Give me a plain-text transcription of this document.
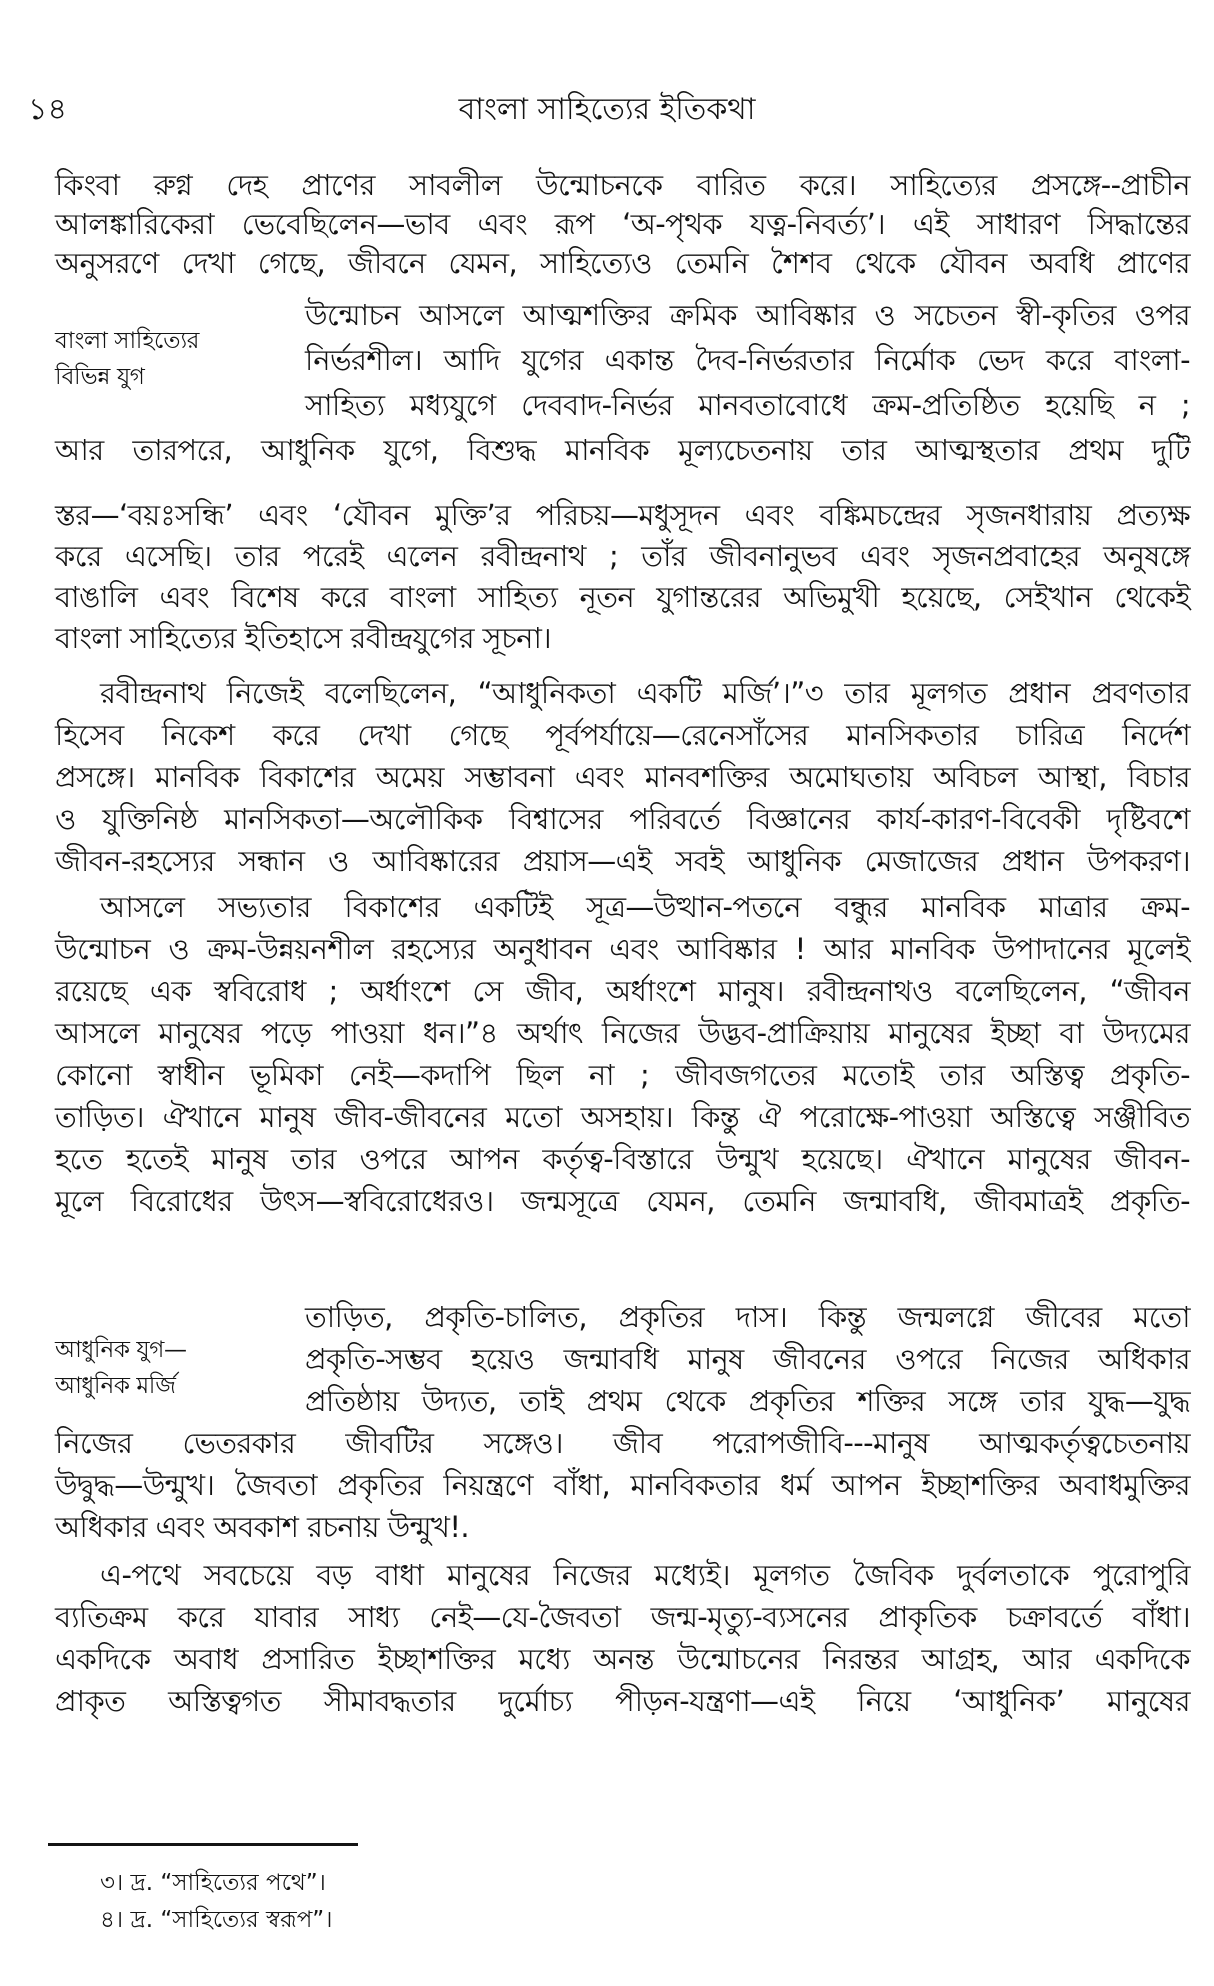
১৪	বাংলা সাহিত্যের ইতিকথা
বাংলা সাহিত্যের
বিভিন্ন যুগ
আধুনিক যুগ—
আধুনিক মর্জি
কিংবা রুগ্ন দেহ প্রাণের সাবলীল উন্মোচনকে বারিত করে। সাহিত্যের প্রসঙ্গে--প্রাচীন
আলঙ্কারিকেরা ভেবেছিলেন—ভাব এবং রূপ ‘অ-পৃথক যত্ন-নিবর্ত্য’। এই সাধারণ সিদ্ধান্তের
অনুসরণে দেখা গেছে, জীবনে যেমন, সাহিত্যেও তেমনি শৈশব থেকে যৌবন অবধি প্রাণের
উন্মোচন আসলে আত্মশক্তির ক্রমিক আবিষ্কার ও সচেতন স্বী-কৃতির ওপর
নির্ভরশীল। আদি যুগের একান্ত দৈব-নির্ভরতার নির্মোক ভেদ করে বাংলা-
সাহিত্য মধ্যযুগে দেববাদ-নির্ভর মানবতাবোধে ক্রম-প্রতিষ্ঠিত হয়েছি ন ;
আর তারপরে, আধুনিক যুগে, বিশুদ্ধ মানবিক মূল্যচেতনায় তার আত্মস্থতার প্রথম দুটি
স্তর—‘বয়ঃসন্ধি’ এবং ‘যৌবন মুক্তি’র পরিচয়—মধুসূদন এবং বঙ্কিমচন্দ্রের সৃজনধারায় প্রত্যক্ষ
করে এসেছি। তার পরেই এলেন রবীন্দ্রনাথ ; তাঁর জীবনানুভব এবং সৃজনপ্রবাহের অনুষঙ্গে
বাঙালি এবং বিশেষ করে বাংলা সাহিত্য নূতন যুগান্তরের অভিমুখী হয়েছে, সেইখান থেকেই
বাংলা সাহিত্যের ইতিহাসে রবীন্দ্রযুগের সূচনা।
রবীন্দ্রনাথ নিজেই বলেছিলেন, “আধুনিকতা একটি মর্জি’।”৩ তার মূলগত প্রধান প্রবণতার
হিসেব নিকেশ করে দেখা গেছে পূর্বপর্যায়ে—রেনেসাঁসের মানসিকতার চারিত্র নির্দেশ
প্রসঙ্গে। মানবিক বিকাশের অমেয় সম্ভাবনা এবং মানবশক্তির অমোঘতায় অবিচল আস্থা, বিচার
ও যুক্তিনিষ্ঠ মানসিকতা—অলৌকিক বিশ্বাসের পরিবর্তে বিজ্ঞানের কার্য-কারণ-বিবেকী দৃষ্টিবশে
জীবন-রহস্যের সন্ধান ও আবিষ্কারের প্রয়াস—এই সবই আধুনিক মেজাজের প্রধান উপকরণ।
আসলে সভ্যতার বিকাশের একটিই সূত্র—উত্থান-পতনে বন্ধুর মানবিক মাত্রার ক্রম-
উন্মোচন ও ক্রম-উন্নয়নশীল রহস্যের অনুধাবন এবং আবিষ্কার ! আর মানবিক উপাদানের মূলেই
রয়েছে এক স্ববিরোধ ; অর্ধাংশে সে জীব, অর্ধাংশে মানুষ। রবীন্দ্রনাথও বলেছিলেন, “জীবন
আসলে মানুষের পড়ে পাওয়া ধন।”৪ অর্থাৎ নিজের উদ্ভব-প্রাক্রিয়ায় মানুষের ইচ্ছা বা উদ্যমের
কোনো স্বাধীন ভূমিকা নেই—কদাপি ছিল না ; জীবজগতের মতোই তার অস্তিত্ব প্রকৃতি-
তাড়িত। ঐখানে মানুষ জীব-জীবনের মতো অসহায়। কিন্তু ঐ পরোক্ষে-পাওয়া অস্তিত্বে সঞ্জীবিত
হতে হতেই মানুষ তার ওপরে আপন কর্তৃত্ব-বিস্তারে উন্মুখ হয়েছে। ঐখানে মানুষের জীবন-
মূলে বিরোধের উৎস—স্ববিরোধেরও। জন্মসূত্রে যেমন, তেমনি জন্মাবধি, জীবমাত্রই প্রকৃতি-
তাড়িত, প্রকৃতি-চালিত, প্রকৃতির দাস। কিন্তু জন্মলগ্নে জীবের মতো
প্রকৃতি-সম্ভব হয়েও জন্মাবধি মানুষ জীবনের ওপরে নিজের অধিকার
প্রতিষ্ঠায় উদ্যত, তাই প্রথম থেকে প্রকৃতির শক্তির সঙ্গে তার যুদ্ধ—যুদ্ধ
নিজের ভেতরকার জীবটির সঙ্গেও। জীব পরোপজীবি---মানুষ আত্মকর্তৃত্বচেতনায়
উদ্বুদ্ধ—উন্মুখ। জৈবতা প্রকৃতির নিয়ন্ত্রণে বাঁধা, মানবিকতার ধর্ম আপন ইচ্ছাশক্তির অবাধমুক্তির
অধিকার এবং অবকাশ রচনায় উন্মুখ!.
এ-পথে সবচেয়ে বড় বাধা মানুষের নিজের মধ্যেই। মূলগত জৈবিক দুর্বলতাকে পুরোপুরি
ব্যতিক্রম করে যাবার সাধ্য নেই—যে-জৈবতা জন্ম-মৃত্যু-ব্যসনের প্রাকৃতিক চক্রাবর্তে বাঁধা।
একদিকে অবাধ প্রসারিত ইচ্ছাশক্তির মধ্যে অনন্ত উন্মোচনের নিরন্তর আগ্রহ, আর একদিকে
প্রাকৃত অস্তিত্বগত সীমাবদ্ধতার দুর্মোচ্য পীড়ন-যন্ত্রণা—এই নিয়ে ‘আধুনিক’ মানুষের
৩। দ্র. “সাহিত্যের পথে”।
৪। দ্র. “সাহিত্যের স্বরূপ”।
